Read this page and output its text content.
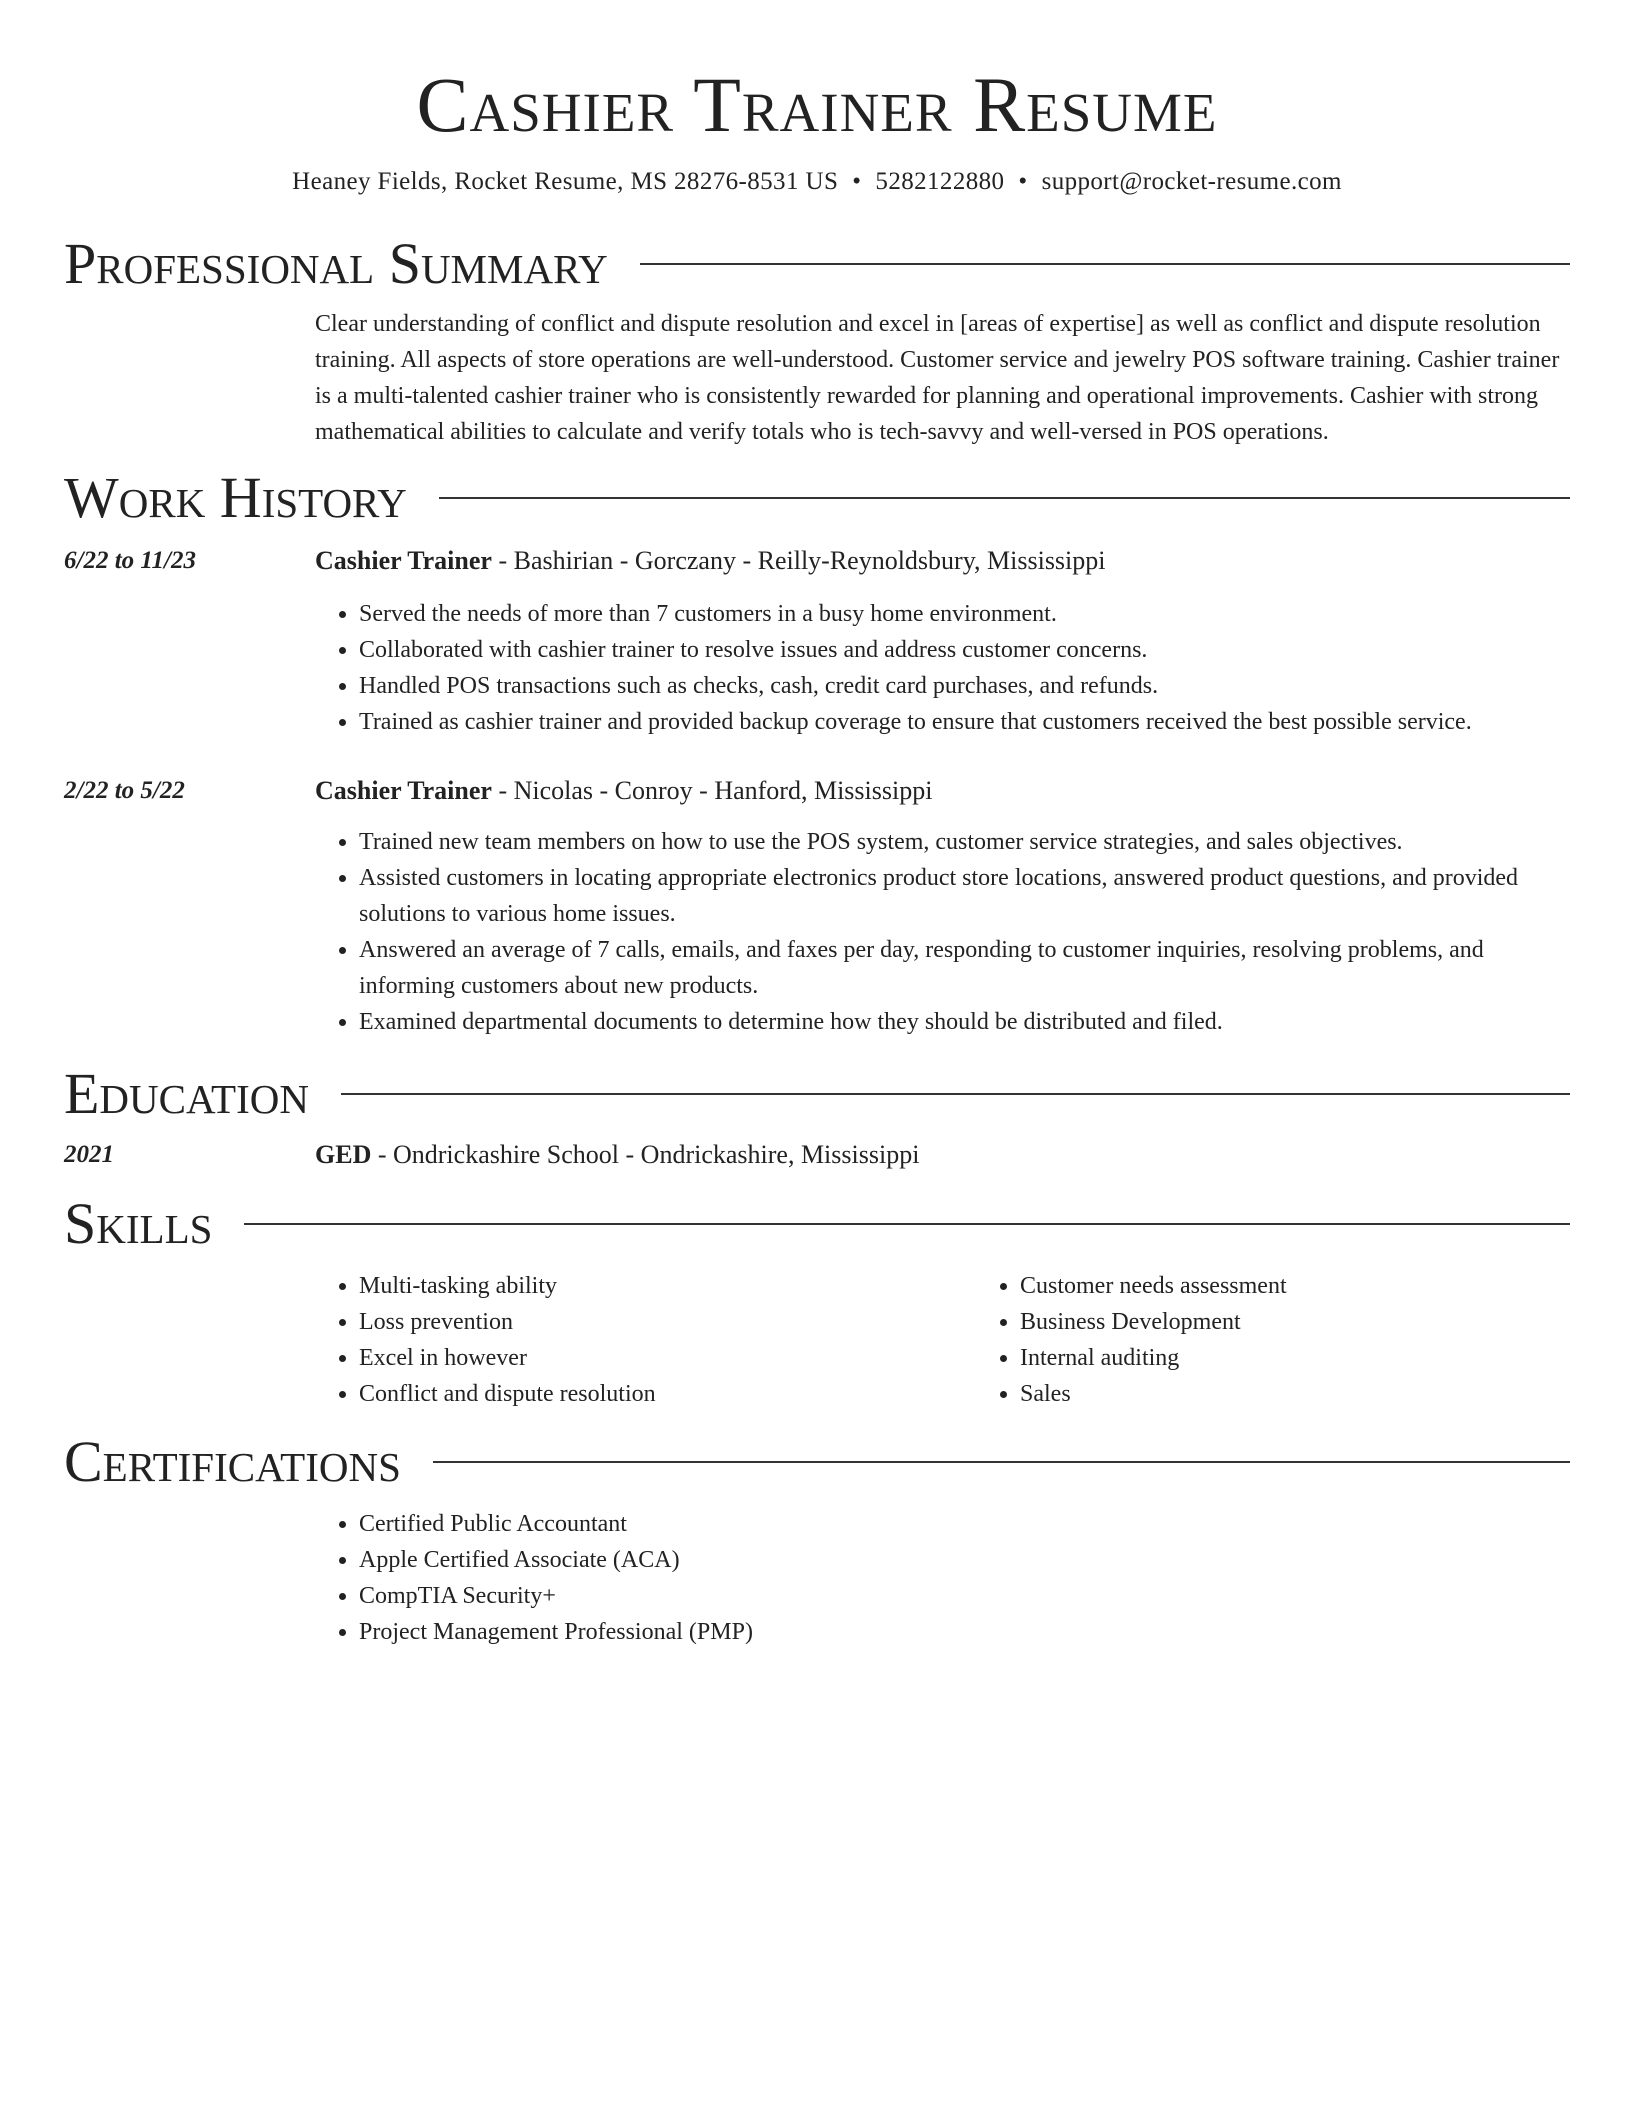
Cashier Trainer Resume
Heaney Fields, Rocket Resume, MS 28276-8531 US • 5282122880 • support@rocket-resume.com
Professional Summary

Clear understanding of conflict and dispute resolution and excel in [areas of expertise] as well as conflict and dispute resolution training. All aspects of store operations are well-understood. Customer service and jewelry POS software training. Cashier trainer is a multi-talented cashier trainer who is consistently rewarded for planning and operational improvements. Cashier with strong mathematical abilities to calculate and verify totals who is tech-savvy and well-versed in POS operations.

Work History
6/22 to 11/23	Cashier Trainer - Bashirian - Gorczany - Reilly-Reynoldsbury, Mississippi
• Served the needs of more than 7 customers in a busy home environment.
• Collaborated with cashier trainer to resolve issues and address customer concerns.
• Handled POS transactions such as checks, cash, credit card purchases, and refunds.
• Trained as cashier trainer and provided backup coverage to ensure that customers received the best possible service.
2/22 to 5/22	Cashier Trainer - Nicolas - Conroy - Hanford, Mississippi
• Trained new team members on how to use the POS system, customer service strategies, and sales objectives.
• Assisted customers in locating appropriate electronics product store locations, answered product questions, and provided solutions to various home issues.
• Answered an average of 7 calls, emails, and faxes per day, responding to customer inquiries, resolving problems, and informing customers about new products.
• Examined departmental documents to determine how they should be distributed and filed.
Education
2021	GED - Ondrickashire School - Ondrickashire, Mississippi
Skills
• Multi-tasking ability
• Loss prevention
• Excel in however
• Conflict and dispute resolution
• Customer needs assessment
• Business Development
• Internal auditing
• Sales
Certifications
• Certified Public Accountant
• Apple Certified Associate (ACA)
• CompTIA Security+
• Project Management Professional (PMP)
